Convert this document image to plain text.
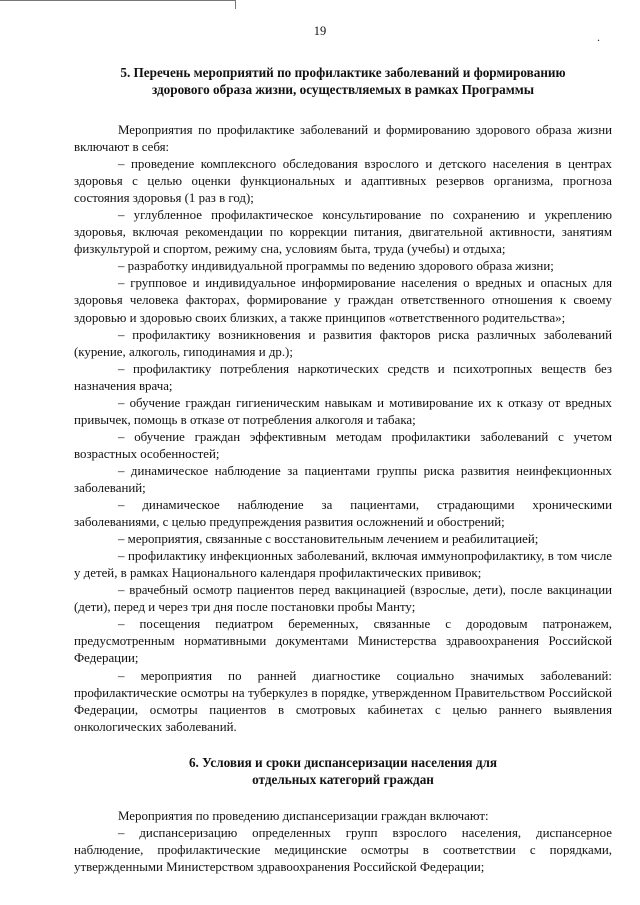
.
19

5. Перечень мероприятий по профилактике заболеваний и формированию
здорового образа жизни, осуществляемых в рамках Программы

Мероприятия по профилактике заболеваний и формированию здорового образа жизни включают в себя:

– проведение комплексного обследования взрослого и детского населения в центрах здоровья с целью оценки функциональных и адаптивных резервов организма, прогноза состояния здоровья (1 раз в год);

– углубленное профилактическое консультирование по сохранению и укреплению здоровья, включая рекомендации по коррекции питания, двигательной активности, занятиям физкультурой и спортом, режиму сна, условиям быта, труда (учебы) и отдыха;

– разработку индивидуальной программы по ведению здорового образа жизни;

– групповое и индивидуальное информирование населения о вредных и опасных для здоровья человека факторах, формирование у граждан ответственного отношения к своему здоровью и здоровью своих близких, а также принципов «ответственного родительства»;

– профилактику возникновения и развития факторов риска различных заболеваний (курение, алкоголь, гиподинамия и др.);

– профилактику потребления наркотических средств и психотропных веществ без назначения врача;

– обучение граждан гигиеническим навыкам и мотивирование их к отказу от вредных привычек, помощь в отказе от потребления алкоголя и табака;

– обучение граждан эффективным методам профилактики заболеваний с учетом возрастных особенностей;

– динамическое наблюдение за пациентами группы риска развития неинфекционных заболеваний;

– динамическое наблюдение за пациентами, страдающими хроническими заболеваниями, с целью предупреждения развития осложнений и обострений;

– мероприятия, связанные с восстановительным лечением и реабилитацией;

– профилактику инфекционных заболеваний, включая иммунопрофилактику, в том числе у детей, в рамках Национального календаря профилактических прививок;

– врачебный осмотр пациентов перед вакцинацией (взрослые, дети), после вакцинации (дети), перед и через три дня после постановки пробы Манту;

– посещения педиатром беременных, связанные с дородовым патронажем, предусмотренным нормативными документами Министерства здравоохранения Российской Федерации;

– мероприятия по ранней диагностике социально значимых заболеваний: профилактические осмотры на туберкулез в порядке, утвержденном Правительством Российской Федерации, осмотры пациентов в смотровых кабинетах с целью раннего выявления онкологических заболеваний.

6. Условия и сроки диспансеризации населения для
отдельных категорий граждан

Мероприятия по проведению диспансеризации граждан включают:

– диспансеризацию определенных групп взрослого населения, диспансерное наблюдение, профилактические медицинские осмотры в соответствии с порядками, утвержденными Министерством здравоохранения Российской Федерации;
